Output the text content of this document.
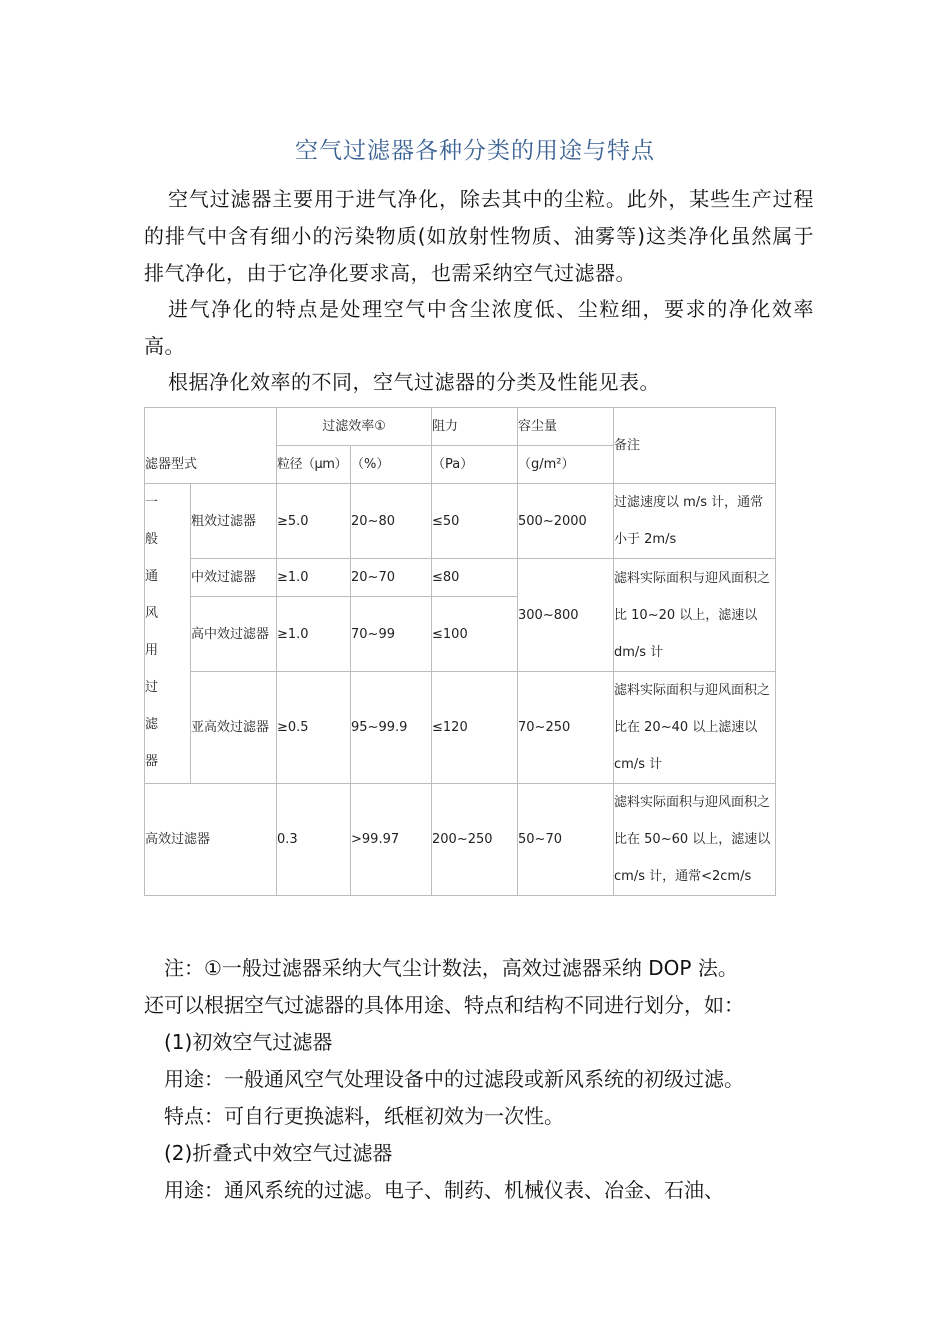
空气过滤器各种分类的用途与特点
空气过滤器主要用于进气净化，除去其中的尘粒。此外，某些生产过程的排气中含有细小的污染物质(如放射性物质、油雾等)这类净化虽然属于排气净化，由于它净化要求高，也需采纳空气过滤器。
进气净化的特点是处理空气中含尘浓度低、尘粒细，要求的净化效率高。
根据净化效率的不同，空气过滤器的分类及性能见表。
滤器型式		过滤效率①		阻力	容尘量	备注
		粒径（μm）	（%）	（Pa）	（g/m²）	
一般通风用过滤器	粗效过滤器	≥5.0	20~80	≤50	500~2000	过滤速度以 m/s 计，通常小于 2m/s
	中效过滤器	≥1.0	20~70	≤80	300~800	滤料实际面积与迎风面积之比 10~20 以上，滤速以 dm/s 计
	高中效过滤器	≥1.0	70~99	≤100		
	亚高效过滤器	≥0.5	95~99.9	≤120	70~250	滤料实际面积与迎风面积之比在 20~40 以上滤速以 cm/s 计
高效过滤器		0.3	>99.97	200~250	50~70	滤料实际面积与迎风面积之比在 50~60 以上，滤速以 cm/s 计，通常<2cm/s
注：①一般过滤器采纳大气尘计数法，高效过滤器采纳 DOP 法。
还可以根据空气过滤器的具体用途、特点和结构不同进行划分，如：
(1)初效空气过滤器
用途：一般通风空气处理设备中的过滤段或新风系统的初级过滤。
特点：可自行更换滤料，纸框初效为一次性。
(2)折叠式中效空气过滤器
用途：通风系统的过滤。电子、制药、机械仪表、冶金、石油、
